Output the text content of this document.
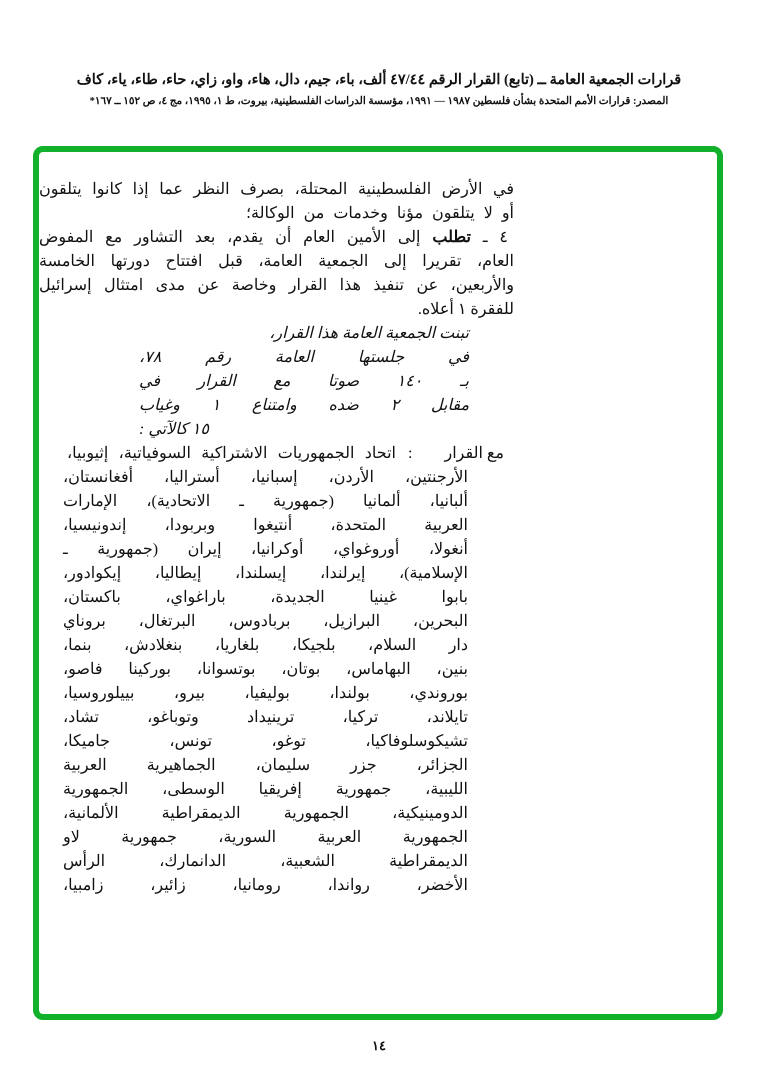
قرارات الجمعية العامة ــ (تابع) القرار الرقم ٤٧/٤٤ ألف، باء، جيم، دال، هاء، واو، زاي، حاء، طاء، ياء، كاف
المصدر: قرارات الأمم المتحدة بشأن فلسطين ١٩٨٧ — ١٩٩١، مؤسسة الدراسات الفلسطينية، بيروت، ط ١، ١٩٩٥، مج ٤، ص ١٥٢ ــ ١٦٧*
في الأرض الفلسطينية المحتلة، بصرف النظر عما إذا كانوا يتلقون
أو لا يتلقون مؤنا وخدمات من الوكالة؛
٤ ـ تطلب إلى الأمين العام أن يقدم، بعد التشاور مع المفوض
العام، تقريرا إلى الجمعية العامة، قبل افتتاح دورتها الخامسة
والأربعين، عن تنفيذ هذا القرار وخاصة عن مدى امتثال إسرائيل
للفقرة ١ أعلاه.
تبنت الجمعية العامة هذا القرار،
في جلستها العامة رقم ٧٨،
بـ ١٤٠ صوتا مع القرار في
مقابل ٢ ضده وامتناع ١ وغياب
١٥ كالآتي :
مع القرار
:
اتحاد الجمهوريات الاشتراكية السوفياتية، إثيوبيا،
الأرجنتين، الأردن، إسبانيا، أستراليا، أفغانستان،
ألبانيا، ألمانيا (جمهورية ـ الاتحادية)، الإمارات
العربية المتحدة، أنتيغوا وبربودا، إندونيسيا،
أنغولا، أوروغواي، أوكرانيا، إيران (جمهورية ـ
الإسلامية)، إيرلندا، إيسلندا، إيطاليا، إيكوادور،
بابوا غينيا الجديدة، باراغواي، باكستان،
البحرين، البرازيل، بربادوس، البرتغال، بروناي
دار السلام، بلجيكا، بلغاريا، بنغلادش، بنما،
بنين، البهاماس، بوتان، بوتسوانا، بوركينا فاصو،
بوروندي، بولندا، بوليفيا، بيرو، بييلوروسيا،
تايلاند، تركيا، ترينيداد وتوباغو، تشاد،
تشيكوسلوفاكيا، توغو، تونس، جاميكا،
الجزائر، جزر سليمان، الجماهيرية العربية
الليبية، جمهورية إفريقيا الوسطى، الجمهورية
الدومينيكية، الجمهورية الديمقراطية الألمانية،
الجمهورية العربية السورية، جمهورية لاو
الديمقراطية الشعبية، الدانمارك، الرأس
الأخضر، رواندا، رومانيا، زائير، زامبيا،
١٤
